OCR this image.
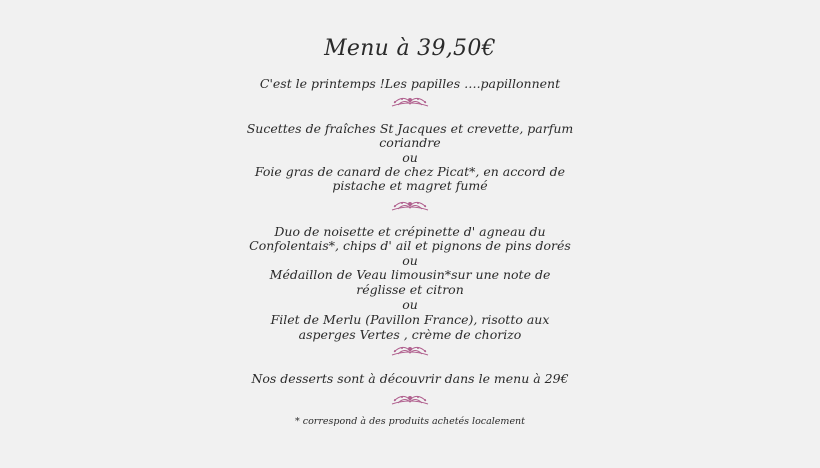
Menu à 39,50€
C'est le printemps !Les papilles ….papillonnent
Sucettes de fraîches St Jacques et crevette, parfum
coriandre
ou
Foie gras de canard de chez Picat*, en accord de
pistache et magret fumé
Duo de noisette et crépinette d' agneau du
Confolentais*, chips d' ail et pignons de pins dorés
ou
Médaillon de Veau limousin*sur une note de
réglisse et citron
ou
Filet de Merlu (Pavillon France), risotto aux
asperges Vertes , crème de chorizo
Nos desserts sont à découvrir dans le menu à 29€
* correspond à des produits achetés localement
